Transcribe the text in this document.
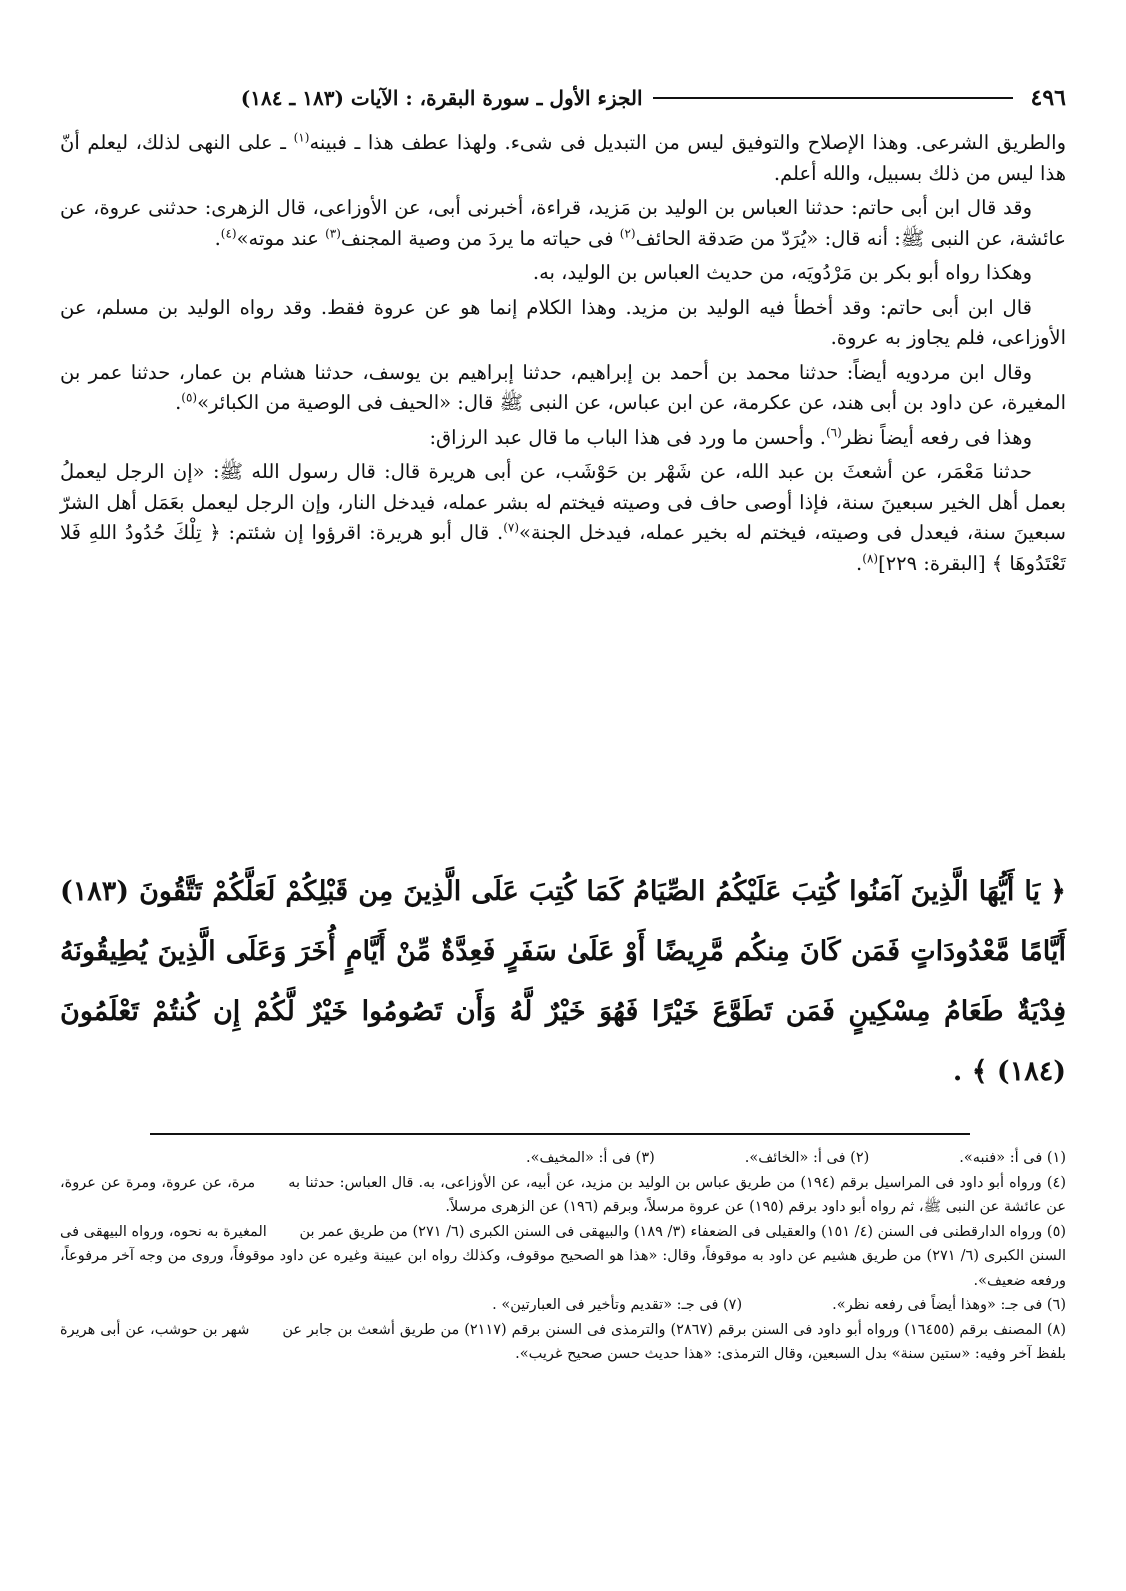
٤٩٦
الجزء الأول ـ سورة البقرة، : الآيات (١٨٣ ـ ١٨٤)

والطريق الشرعى. وهذا الإصلاح والتوفيق ليس من التبديل فى شىء. ولهذا عطف هذا ـ فبينه$^{(١)}$ ـ على النهى لذلك، ليعلم أنّ هذا ليس من ذلك بسبيل، والله أعلم.

وقد قال ابن أبى حاتم: حدثنا العباس بن الوليد بن مَزيد، قراءة، أخبرنى أبى، عن الأوزاعى، قال الزهرى: حدثنى عروة، عن عائشة، عن النبى ﷺ: أنه قال: «يُرَدّ من صَدقة الحائف$^{(٢)}$ فى حياته ما يردَ من وصية المجنف$^{(٣)}$ عند موته»$^{(٤)}$.

وهكذا رواه أبو بكر بن مَرْدُويَه، من حديث العباس بن الوليد، به.

قال ابن أبى حاتم: وقد أخطأ فيه الوليد بن مزيد. وهذا الكلام إنما هو عن عروة فقط. وقد رواه الوليد بن مسلم، عن الأوزاعى، فلم يجاوز به عروة.

وقال ابن مردويه أيضاً: حدثنا محمد بن أحمد بن إبراهيم، حدثنا إبراهيم بن يوسف، حدثنا هشام بن عمار، حدثنا عمر بن المغيرة، عن داود بن أبى هند، عن عكرمة، عن ابن عباس، عن النبى ﷺ قال: «الحيف فى الوصية من الكبائر»$^{(٥)}$.

وهذا فى رفعه أيضاً نظر$^{(٦)}$. وأحسن ما ورد فى هذا الباب ما قال عبد الرزاق:

حدثنا مَعْمَر، عن أشعثَ بن عبد الله، عن شَهْر بن حَوْشَب، عن أبى هريرة قال: قال رسول الله ﷺ: «إن الرجل ليعملُ بعمل أهل الخير سبعينَ سنة، فإذا أوصى حاف فى وصيته فيختم له بشر عمله، فيدخل النار، وإن الرجل ليعمل بعَمَل أهل الشرّ سبعينَ سنة، فيعدل فى وصيته، فيختم له بخير عمله، فيدخل الجنة»$^{(٧)}$. قال أبو هريرة: اقرؤوا إن شئتم: ﴿ تِلْكَ حُدُودُ اللهِ فَلا تَعْتَدُوهَا ﴾ [البقرة: ٢٢٩]$^{(٨)}$.

﴿ يَا أَيُّهَا الَّذِينَ آمَنُوا كُتِبَ عَلَيْكُمُ الصِّيَامُ كَمَا كُتِبَ عَلَى الَّذِينَ مِن قَبْلِكُمْ لَعَلَّكُمْ تَتَّقُونَ (١٨٣) أَيَّامًا مَّعْدُودَاتٍ فَمَن كَانَ مِنكُم مَّرِيضًا أَوْ عَلَىٰ سَفَرٍ فَعِدَّةٌ مِّنْ أَيَّامٍ أُخَرَ وَعَلَى الَّذِينَ يُطِيقُونَهُ فِدْيَةٌ طَعَامُ مِسْكِينٍ فَمَن تَطَوَّعَ خَيْرًا فَهُوَ خَيْرٌ لَّهُ وَأَن تَصُومُوا خَيْرٌ لَّكُمْ إِن كُنتُمْ تَعْلَمُونَ (١٨٤) ﴾ .
(١) فى أ: «فنبه».
(٢) فى أ: «الخائف».
(٣) فى أ: «المخيف».

(٤) ورواه أبو داود فى المراسيل برقم (١٩٤) من طريق عباس بن الوليد بن مزيد، عن أبيه، عن الأوزاعى، به. قال العباس: حدثنا به مرة، عن عروة، ومرة عن عروة، عن عائشة عن النبى ﷺ، ثم رواه أبو داود برقم (١٩٥) عن عروة مرسلاً، وبرقم (١٩٦) عن الزهرى مرسلاً.

(٥) ورواه الدارقطنى فى السنن (٤/ ١٥١) والعقيلى فى الضعفاء (٣/ ١٨٩) والبيهقى فى السنن الكبرى (٦/ ٢٧١) من طريق عمر بن المغيرة به نحوه، ورواه البيهقى فى السنن الكبرى (٦/ ٢٧١) من طريق هشيم عن داود به موقوفاً، وقال: «هذا هو الصحيح موقوف، وكذلك رواه ابن عيينة وغيره عن داود موقوفاً، وروى من وجه آخر مرفوعاً، ورفعه ضعيف».

(٦) فى جـ: «وهذا أيضاً فى رفعه نظر».
(٧) فى جـ: «تقديم وتأخير فى العبارتين» .

(٨) المصنف برقم (١٦٤٥٥) ورواه أبو داود فى السنن برقم (٢٨٦٧) والترمذى فى السنن برقم (٢١١٧) من طريق أشعث بن جابر عن شهر بن حوشب، عن أبى هريرة بلفظ آخر وفيه: «ستين سنة» بدل السبعين، وقال الترمذى: «هذا حديث حسن صحيح غريب».
